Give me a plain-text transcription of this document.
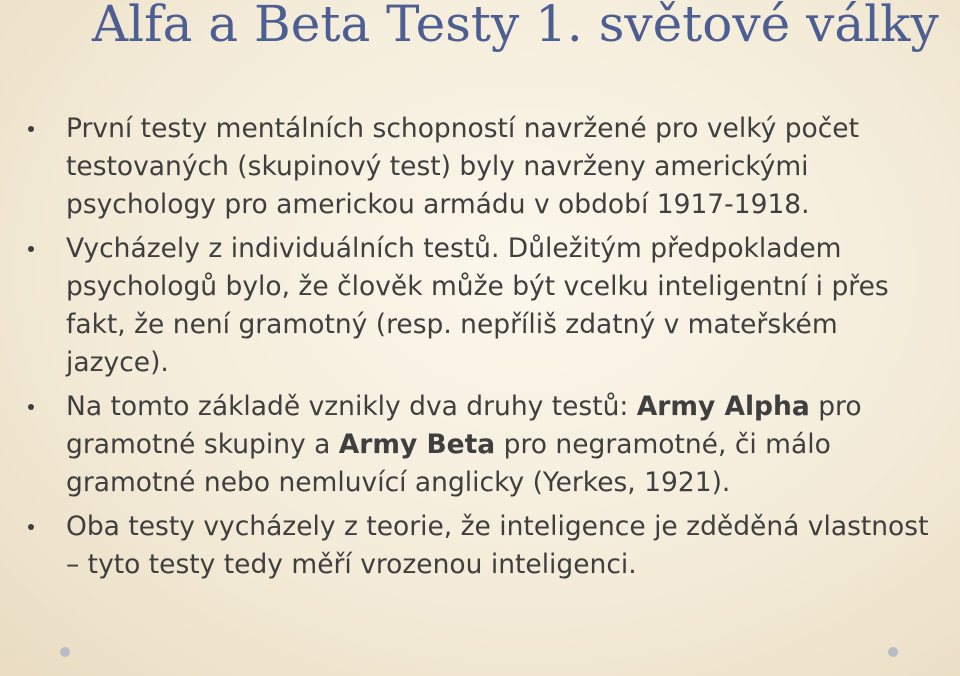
Alfa a Beta Testy 1. světové války
První testy mentálních schopností navržené pro velký počet testovaných (skupinový test) byly navrženy americkými psychology pro americkou armádu v období 1917-1918.
Vycházely z individuálních testů. Důležitým předpokladem psychologů bylo, že člověk může být vcelku inteligentní i přes fakt, že není gramotný (resp. nepříliš zdatný v mateřském jazyce).
Na tomto základě vznikly dva druhy testů: Army Alpha pro gramotné skupiny a Army Beta pro negramotné, či málo gramotné nebo nemluvící anglicky (Yerkes, 1921).
Oba testy vycházely z teorie, že inteligence je zděděná vlastnost – tyto testy tedy měří vrozenou inteligenci.
